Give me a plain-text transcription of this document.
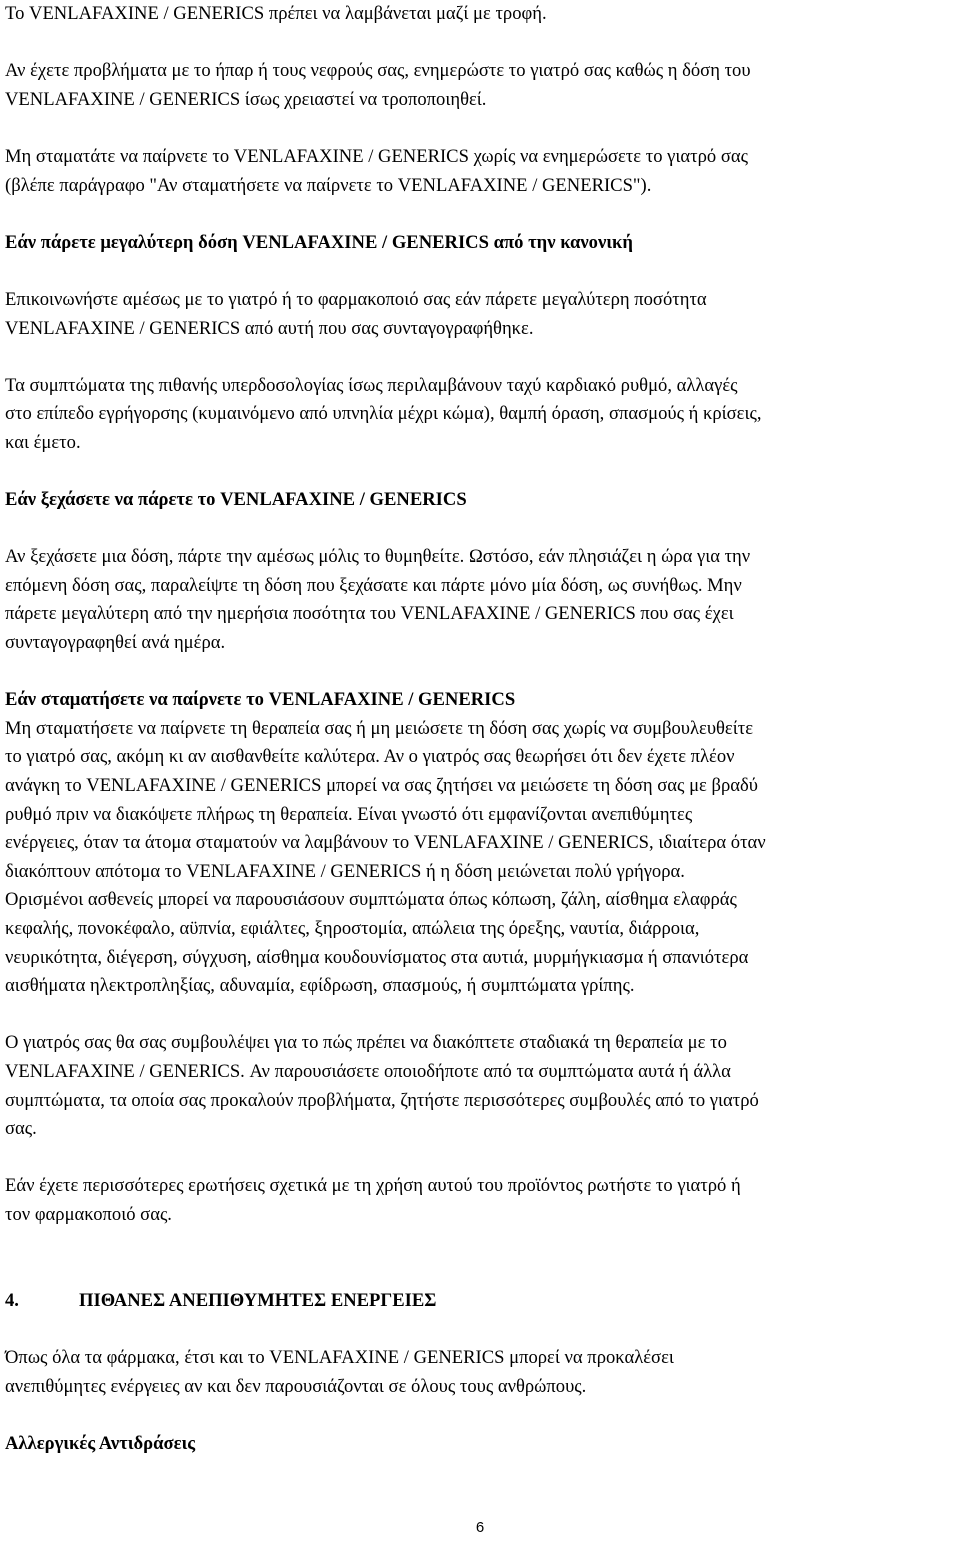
Το VENLAFAXINE / GENERICS πρέπει να λαμβάνεται μαζί με τροφή.

Αν έχετε προβλήματα με το ήπαρ ή τους νεφρούς σας, ενημερώστε το γιατρό σας καθώς η δόση του
VENLAFAXINE / GENERICS ίσως χρειαστεί να τροποποιηθεί.

Μη σταματάτε να παίρνετε το VENLAFAXINE / GENERICS χωρίς να ενημερώσετε το γιατρό σας
(βλέπε παράγραφο "Αν σταματήσετε να παίρνετε το VENLAFAXINE / GENERICS").

Εάν πάρετε μεγαλύτερη δόση VENLAFAXINE / GENERICS από την κανονική

Επικοινωνήστε αμέσως με το γιατρό ή το φαρμακοποιό σας εάν πάρετε μεγαλύτερη ποσότητα
VENLAFAXINE / GENERICS από αυτή που σας συνταγογραφήθηκε.

Τα συμπτώματα της πιθανής υπερδοσολογίας ίσως περιλαμβάνουν ταχύ καρδιακό ρυθμό, αλλαγές
στο επίπεδο εγρήγορσης (κυμαινόμενο από υπνηλία μέχρι κώμα), θαμπή όραση, σπασμούς ή κρίσεις,
και έμετο.

Εάν ξεχάσετε να πάρετε το VENLAFAXINE / GENERICS

Αν ξεχάσετε μια δόση, πάρτε την αμέσως μόλις το θυμηθείτε. Ωστόσο, εάν πλησιάζει η ώρα για την
επόμενη δόση σας, παραλείψτε τη δόση που ξεχάσατε και πάρτε μόνο μία δόση, ως συνήθως. Μην
πάρετε μεγαλύτερη από την ημερήσια ποσότητα του VENLAFAXINE / GENERICS που σας έχει
συνταγογραφηθεί ανά ημέρα.

Εάν σταματήσετε να παίρνετε το VENLAFAXINE / GENERICS

Μη σταματήσετε να παίρνετε τη θεραπεία σας ή μη μειώσετε τη δόση σας χωρίς να συμβουλευθείτε
το γιατρό σας, ακόμη κι αν αισθανθείτε καλύτερα. Αν ο γιατρός σας θεωρήσει ότι δεν έχετε πλέον
ανάγκη το VENLAFAXINE / GENERICS μπορεί να σας ζητήσει να μειώσετε τη δόση σας με βραδύ
ρυθμό πριν να διακόψετε πλήρως τη θεραπεία. Είναι γνωστό ότι εμφανίζονται ανεπιθύμητες
ενέργειες, όταν τα άτομα σταματούν να λαμβάνουν το VENLAFAXINE / GENERICS, ιδιαίτερα όταν
διακόπτουν απότομα το VENLAFAXINE / GENERICS ή η δόση μειώνεται πολύ γρήγορα.
Ορισμένοι ασθενείς μπορεί να παρουσιάσουν συμπτώματα όπως κόπωση, ζάλη, αίσθημα ελαφράς
κεφαλής, πονοκέφαλο, αϋπνία, εφιάλτες, ξηροστομία, απώλεια της όρεξης, ναυτία, διάρροια,
νευρικότητα, διέγερση, σύγχυση, αίσθημα κουδουνίσματος στα αυτιά, μυρμήγκιασμα ή σπανιότερα
αισθήματα ηλεκτροπληξίας, αδυναμία, εφίδρωση, σπασμούς, ή συμπτώματα γρίπης.

Ο γιατρός σας θα σας συμβουλέψει για το πώς πρέπει να διακόπτετε σταδιακά τη θεραπεία με το
VENLAFAXINE / GENERICS. Αν παρουσιάσετε οποιοδήποτε από τα συμπτώματα αυτά ή άλλα
συμπτώματα, τα οποία σας προκαλούν προβλήματα, ζητήστε περισσότερες συμβουλές από το γιατρό
σας.

Εάν έχετε περισσότερες ερωτήσεις σχετικά με τη χρήση αυτού του προϊόντος ρωτήστε το γιατρό ή
τον φαρμακοποιό σας.

4.	ΠΙΘΑΝΕΣ ΑΝΕΠΙΘΥΜΗΤΕΣ ΕΝΕΡΓΕΙΕΣ

Όπως όλα τα φάρμακα, έτσι και το VENLAFAXINE / GENERICS μπορεί να προκαλέσει
ανεπιθύμητες ενέργειες αν και δεν παρουσιάζονται σε όλους τους ανθρώπους.

Αλλεργικές Αντιδράσεις

6
